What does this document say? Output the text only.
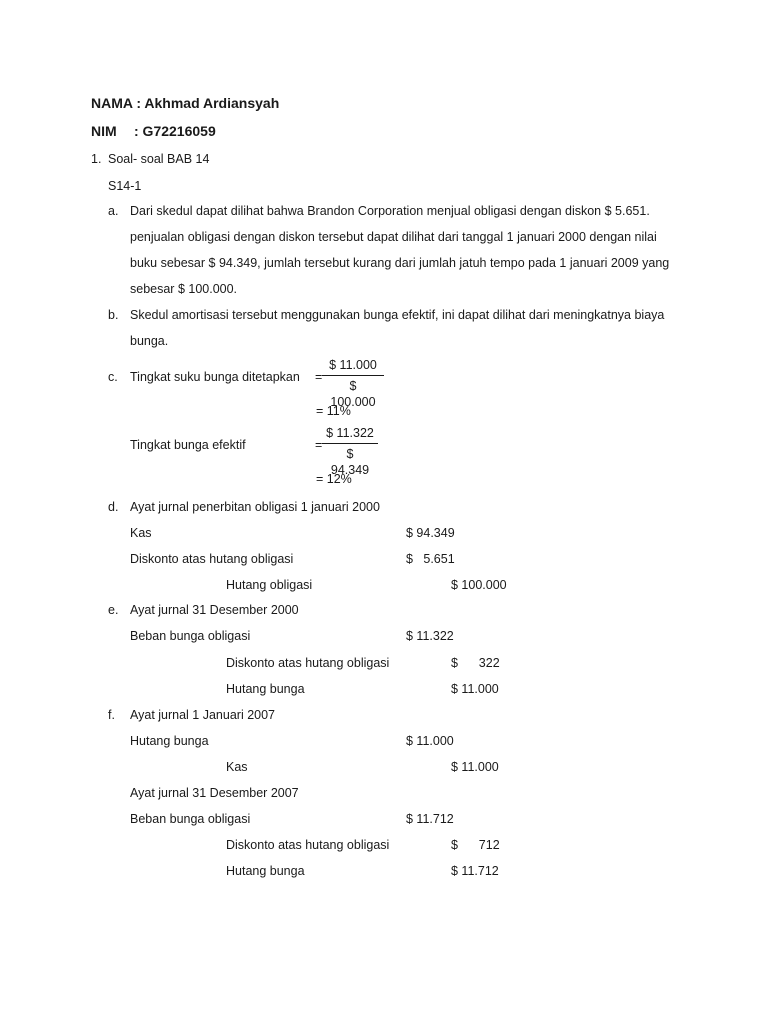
NAMA : Akhmad Ardiansyah
NIM : G72216059
1. Soal- soal BAB 14
S14-1
a. Dari skedul dapat dilihat bahwa Brandon Corporation menjual obligasi dengan diskon $ 5.651.
penjualan obligasi dengan diskon tersebut dapat dilihat dari tanggal 1 januari 2000 dengan nilai
buku sebesar $ 94.349, jumlah tersebut kurang dari jumlah jatuh tempo pada 1 januari 2009 yang
sebesar $ 100.000.
b. Skedul amortisasi tersebut menggunakan bunga efektif, ini dapat dilihat dari meningkatnya biaya
bunga.
c. Tingkat suku bunga ditetapkan =
$ 11.000
$ 100.000
= 11%
Tingkat bunga efektif	=
$ 11.322
$ 94.349
= 12%
d. Ayat jurnal penerbitan obligasi 1 januari 2000
Kas	$ 94.349
Diskonto atas hutang obligasi	$   5.651
Hutang obligasi	$ 100.000
e. Ayat jurnal 31 Desember 2000
Beban bunga obligasi	$ 11.322
Diskonto atas hutang obligasi	$      322
Hutang bunga	$ 11.000
f. Ayat jurnal 1 Januari 2007
Hutang bunga	$ 11.000
Kas	$ 11.000
Ayat jurnal 31 Desember 2007
Beban bunga obligasi	$ 11.712
Diskonto atas hutang obligasi	$      712
Hutang bunga	$ 11.712
